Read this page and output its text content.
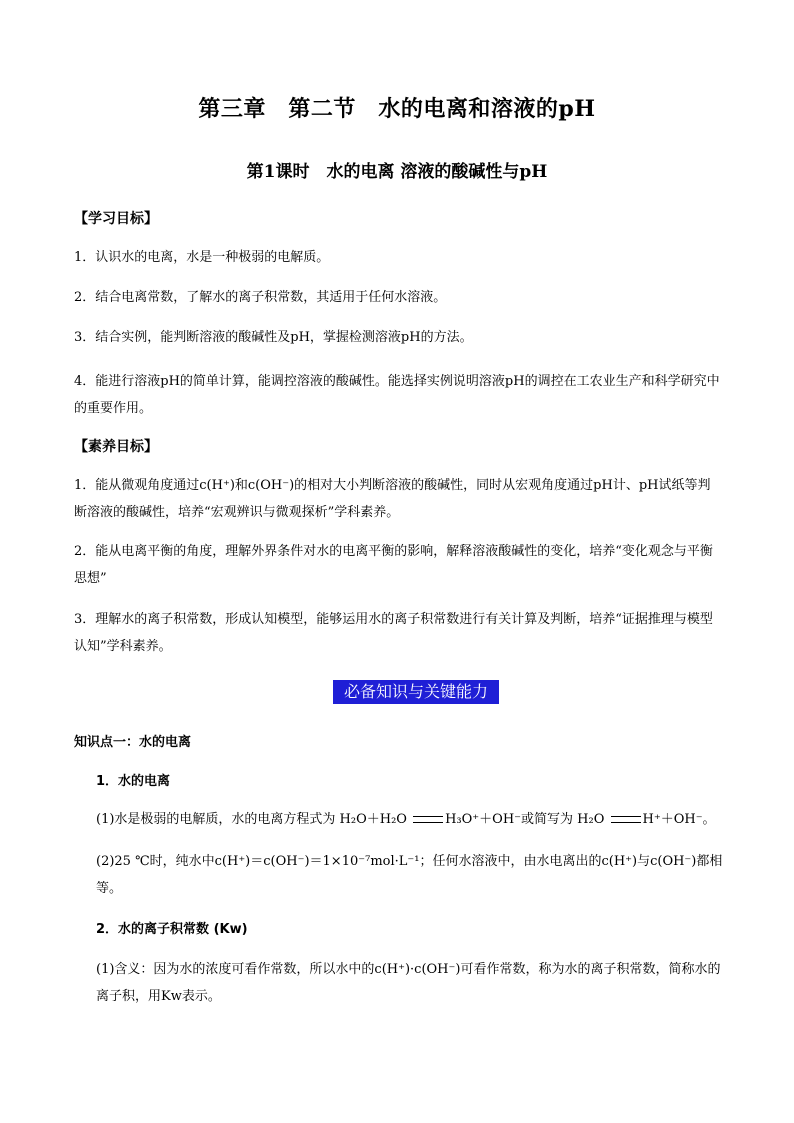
第三章　第二节　水的电离和溶液的pH
第1课时　水的电离 溶液的酸碱性与pH
【学习目标】
1．认识水的电离，水是一种极弱的电解质。
2．结合电离常数，了解水的离子积常数，其适用于任何水溶液。
3．结合实例，能判断溶液的酸碱性及pH，掌握检测溶液pH的方法。
4．能进行溶液pH的简单计算，能调控溶液的酸碱性。能选择实例说明溶液pH的调控在工农业生产和科学研究中的重要作用。
【素养目标】
1．能从微观角度通过c(H⁺)和c(OH⁻)的相对大小判断溶液的酸碱性，同时从宏观角度通过pH计、pH试纸等判断溶液的酸碱性，培养“宏观辨识与微观探析”学科素养。
2．能从电离平衡的角度，理解外界条件对水的电离平衡的影响，解释溶液酸碱性的变化，培养“变化观念与平衡思想”
3．理解水的离子积常数，形成认知模型，能够运用水的离子积常数进行有关计算及判断，培养“证据推理与模型认知”学科素养。
必备知识与关键能力
知识点一：水的电离
1．水的电离
(1)水是极弱的电解质，水的电离方程式为 H₂O＋H₂O	H₃O⁺＋OH⁻或简写为 H₂O	H⁺＋OH⁻。
(2)25 ℃时，纯水中c(H⁺)＝c(OH⁻)＝1×10⁻⁷mol·L⁻¹；任何水溶液中，由水电离出的c(H⁺)与c(OH⁻)都相等。
2．水的离子积常数 (Kw)
(1)含义：因为水的浓度可看作常数，所以水中的c(H⁺)·c(OH⁻)可看作常数，称为水的离子积常数，简称水的离子积，用Kw表示。
